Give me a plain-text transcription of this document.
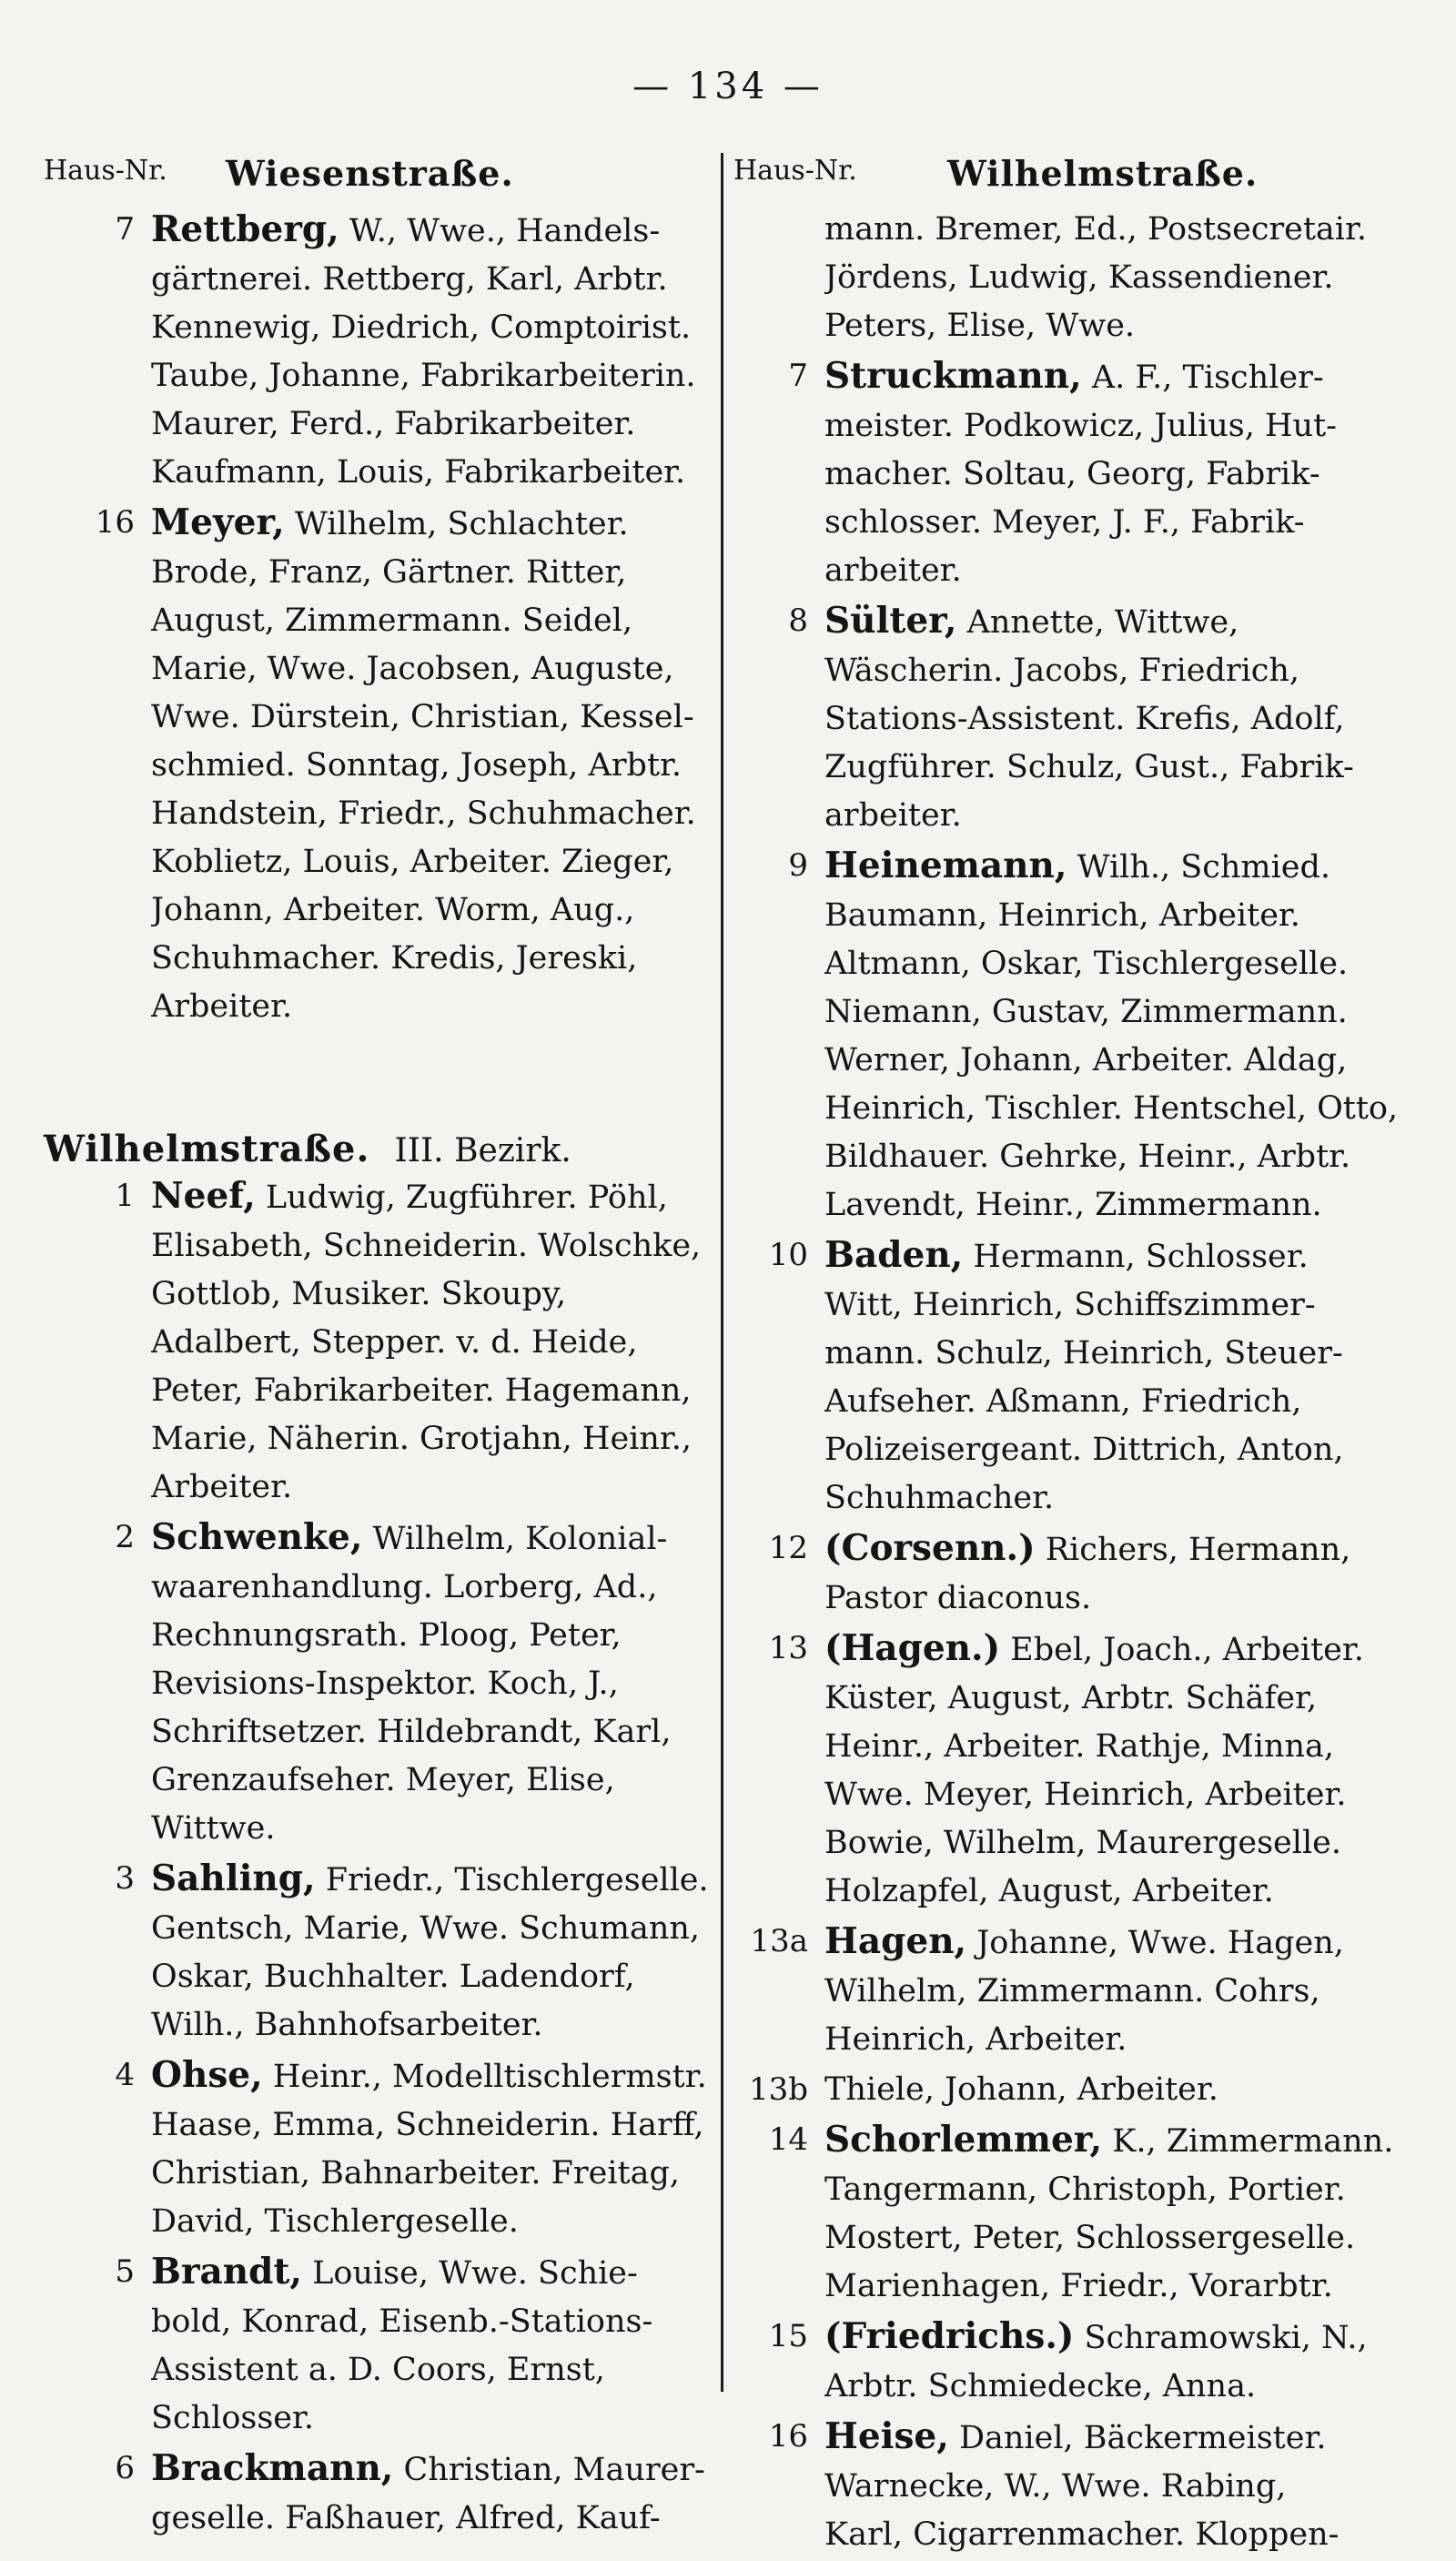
— 134 —
Haus-Nr. Wiesenstraße.
7 Rettberg, W., Wwe., Handels-
gärtnerei. Rettberg, Karl, Arbtr.
Kennewig, Diedrich, Comptoirist.
Taube, Johanne, Fabrikarbeiterin.
Maurer, Ferd., Fabrikarbeiter.
Kaufmann, Louis, Fabrikarbeiter.
16 Meyer, Wilhelm, Schlachter.
Brode, Franz, Gärtner. Ritter,
August, Zimmermann. Seidel,
Marie, Wwe. Jacobsen, Auguste,
Wwe. Dürstein, Christian, Kessel-
schmied. Sonntag, Joseph, Arbtr.
Handstein, Friedr., Schuhmacher.
Koblietz, Louis, Arbeiter. Zieger,
Johann, Arbeiter. Worm, Aug.,
Schuhmacher. Kredis, Jereski,
Arbeiter.
Wilhelmstraße. III. Bezirk.
1 Neef, Ludwig, Zugführer. Pöhl,
Elisabeth, Schneiderin. Wolschke,
Gottlob, Musiker. Skoupy,
Adalbert, Stepper. v. d. Heide,
Peter, Fabrikarbeiter. Hagemann,
Marie, Näherin. Grotjahn, Heinr.,
Arbeiter.
2 Schwenke, Wilhelm, Kolonial-
waarenhandlung. Lorberg, Ad.,
Rechnungsrath. Ploog, Peter,
Revisions-Inspektor. Koch, J.,
Schriftsetzer. Hildebrandt, Karl,
Grenzaufseher. Meyer, Elise,
Wittwe.
3 Sahling, Friedr., Tischlergeselle.
Gentsch, Marie, Wwe. Schumann,
Oskar, Buchhalter. Ladendorf,
Wilh., Bahnhofsarbeiter.
4 Ohse, Heinr., Modelltischlermstr.
Haase, Emma, Schneiderin. Harff,
Christian, Bahnarbeiter. Freitag,
David, Tischlergeselle.
5 Brandt, Louise, Wwe. Schie-
bold, Konrad, Eisenb.-Stations-
Assistent a. D. Coors, Ernst,
Schlosser.
6 Brackmann, Christian, Maurer-
geselle. Faßhauer, Alfred, Kauf-
Haus-Nr.	Wilhelmstraße.
mann. Bremer, Ed., Postsecretair.
Jördens, Ludwig, Kassendiener.
Peters, Elise, Wwe.
7 Struckmann, A. F., Tischler-
meister. Podkowicz, Julius, Hut-
macher. Soltau, Georg, Fabrik-
schlosser. Meyer, J. F., Fabrik-
arbeiter.
8 Sülter, Annette, Wittwe,
Wäscherin. Jacobs, Friedrich,
Stations-Assistent. Krefis, Adolf,
Zugführer. Schulz, Gust., Fabrik-
arbeiter.
9 Heinemann, Wilh., Schmied.
Baumann, Heinrich, Arbeiter.
Altmann, Oskar, Tischlergeselle.
Niemann, Gustav, Zimmermann.
Werner, Johann, Arbeiter. Aldag,
Heinrich, Tischler. Hentschel, Otto,
Bildhauer. Gehrke, Heinr., Arbtr.
Lavendt, Heinr., Zimmermann.
10 Baden, Hermann, Schlosser.
Witt, Heinrich, Schiffszimmer-
mann. Schulz, Heinrich, Steuer-
Aufseher. Aßmann, Friedrich,
Polizeisergeant. Dittrich, Anton,
Schuhmacher.
12 (Corsenn.) Richers, Hermann,
Pastor diaconus.
13 (Hagen.) Ebel, Joach., Arbeiter.
Küster, August, Arbtr. Schäfer,
Heinr., Arbeiter. Rathje, Minna,
Wwe. Meyer, Heinrich, Arbeiter.
Bowie, Wilhelm, Maurergeselle.
Holzapfel, August, Arbeiter.
13a Hagen, Johanne, Wwe. Hagen,
Wilhelm, Zimmermann. Cohrs,
Heinrich, Arbeiter.
13b Thiele, Johann, Arbeiter.
14 Schorlemmer, K., Zimmermann.
Tangermann, Christoph, Portier.
Mostert, Peter, Schlossergeselle.
Marienhagen, Friedr., Vorarbtr.
15 (Friedrichs.) Schramowski, N.,
Arbtr. Schmiedecke, Anna.
16 Heise, Daniel, Bäckermeister.
Warnecke, W., Wwe. Rabing,
Karl, Cigarrenmacher. Kloppen-
